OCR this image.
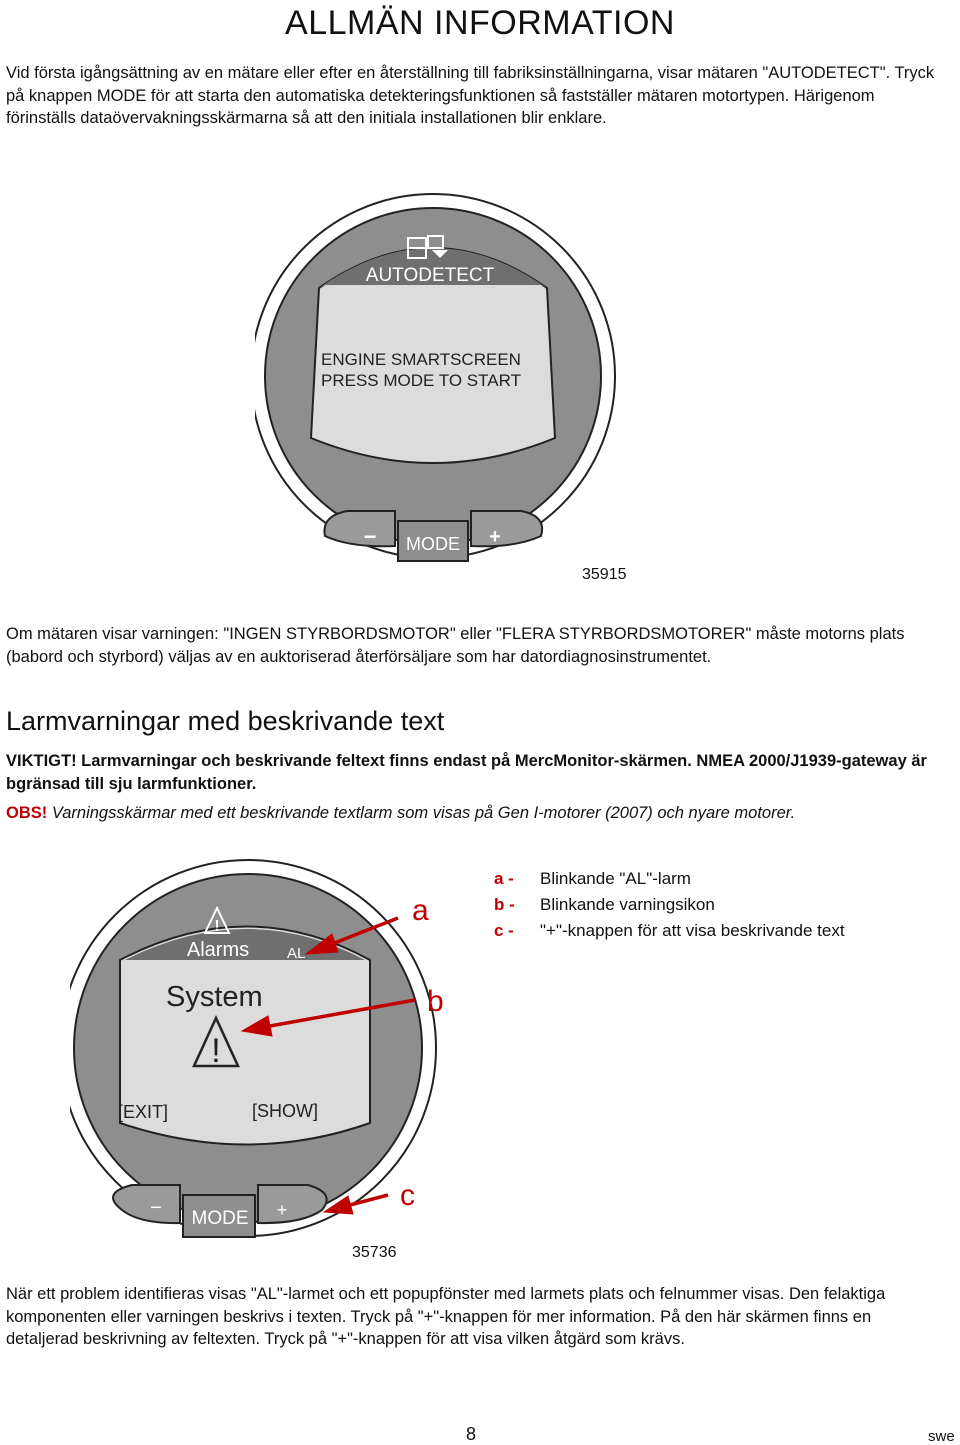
ALLMÄN INFORMATION
Vid första igångsättning av en mätare eller efter en återställning till fabriksinställningarna, visar mätaren "AUTODETECT". Tryck på knappen MODE för att starta den automatiska detekteringsfunktionen så fastställer mätaren motortypen. Härigenom förinställs dataövervakningsskärmarna så att den initiala installationen blir enklare.
AUTODETECT
ENGINE SMARTSCREEN
PRESS MODE TO START
− MODE +
35915
Om mätaren visar varningen: "INGEN STYRBORDSMOTOR" eller "FLERA STYRBORDSMOTORER" måste motorns plats (babord och styrbord) väljas av en auktoriserad återförsäljare som har datordiagnosinstrumentet.
Larmvarningar med beskrivande text
VIKTIGT! Larmvarningar och beskrivande feltext finns endast på MercMonitor-skärmen. NMEA 2000/J1939-gateway är bgränsad till sju larmfunktioner.
OBS! Varningsskärmar med ett beskrivande textlarm som visas på Gen I-motorer (2007) och nyare motorer.
!
Alarms	AL
System
!
[EXIT]	[SHOW]
− MODE +
35736
a
b
c
a - Blinkande "AL"-larm
b - Blinkande varningsikon
c - "+"-knappen för att visa beskrivande text
När ett problem identifieras visas "AL"-larmet och ett popupfönster med larmets plats och felnummer visas. Den felaktiga komponenten eller varningen beskrivs i texten. Tryck på "+"-knappen för mer information. På den här skärmen finns en detaljerad beskrivning av feltexten. Tryck på "+"-knappen för att visa vilken åtgärd som krävs.
8	swe
